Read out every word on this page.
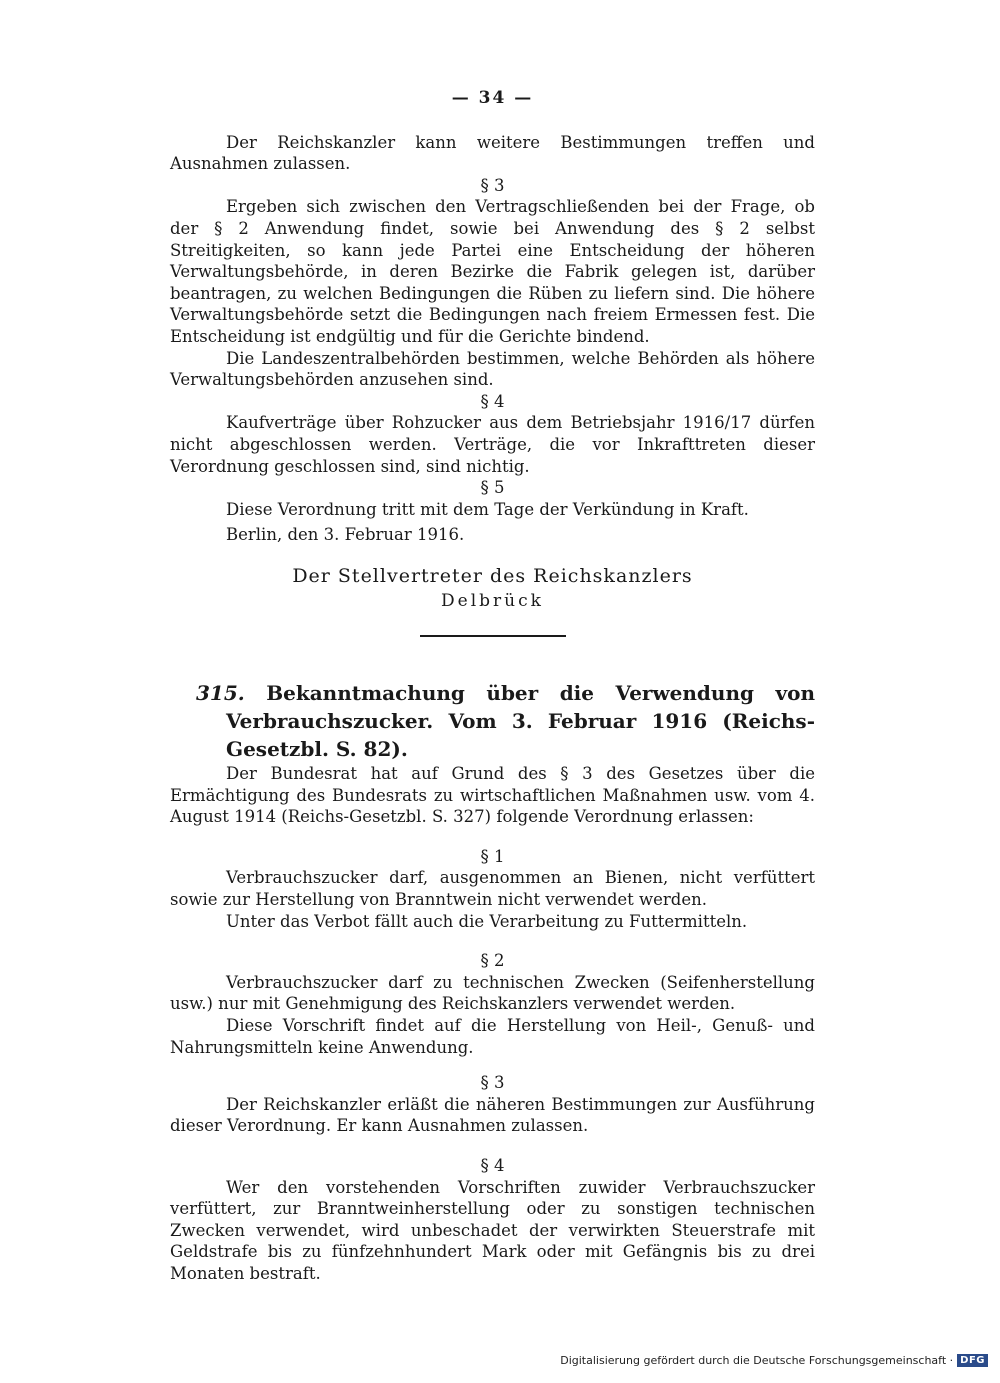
— 34 —

Der Reichskanzler kann weitere Bestimmungen treffen und Ausnahmen zulassen.

§ 3

Ergeben sich zwischen den Vertragschließenden bei der Frage, ob der § 2 Anwendung findet, sowie bei Anwendung des § 2 selbst Streitigkeiten, so kann jede Partei eine Entscheidung der höheren Verwaltungsbehörde, in deren Bezirke die Fabrik gelegen ist, darüber beantragen, zu welchen Bedingungen die Rüben zu liefern sind. Die höhere Verwaltungsbehörde setzt die Bedingungen nach freiem Ermessen fest. Die Entscheidung ist endgültig und für die Gerichte bindend.

Die Landeszentralbehörden bestimmen, welche Behörden als höhere Verwaltungsbehörden anzusehen sind.

§ 4

Kaufverträge über Rohzucker aus dem Betriebsjahr 1916/17 dürfen nicht abgeschlossen werden. Verträge, die vor Inkrafttreten dieser Verordnung geschlossen sind, sind nichtig.

§ 5

Diese Verordnung tritt mit dem Tage der Verkündung in Kraft.

Berlin, den 3. Februar 1916.

Der Stellvertreter des Reichskanzlers
Delbrück
315. Bekanntmachung über die Verwendung von Verbrauchszucker. Vom 3. Februar 1916 (Reichs-Gesetzbl. S. 82).

Der Bundesrat hat auf Grund des § 3 des Gesetzes über die Ermächtigung des Bundesrats zu wirtschaftlichen Maßnahmen usw. vom 4. August 1914 (Reichs-Gesetzbl. S. 327) folgende Verordnung erlassen:

§ 1

Verbrauchszucker darf, ausgenommen an Bienen, nicht verfüttert sowie zur Herstellung von Branntwein nicht verwendet werden.

Unter das Verbot fällt auch die Verarbeitung zu Futtermitteln.

§ 2

Verbrauchszucker darf zu technischen Zwecken (Seifenherstellung usw.) nur mit Genehmigung des Reichskanzlers verwendet werden.

Diese Vorschrift findet auf die Herstellung von Heil-, Genuß- und Nahrungsmitteln keine Anwendung.

§ 3

Der Reichskanzler erläßt die näheren Bestimmungen zur Ausführung dieser Verordnung. Er kann Ausnahmen zulassen.

§ 4

Wer den vorstehenden Vorschriften zuwider Verbrauchszucker verfüttert, zur Branntweinherstellung oder zu sonstigen technischen Zwecken verwendet, wird unbeschadet der verwirkten Steuerstrafe mit Geldstrafe bis zu fünfzehnhundert Mark oder mit Gefängnis bis zu drei Monaten bestraft.

Digitalisierung gefördert durch die Deutsche Forschungsgemeinschaft · DFG
